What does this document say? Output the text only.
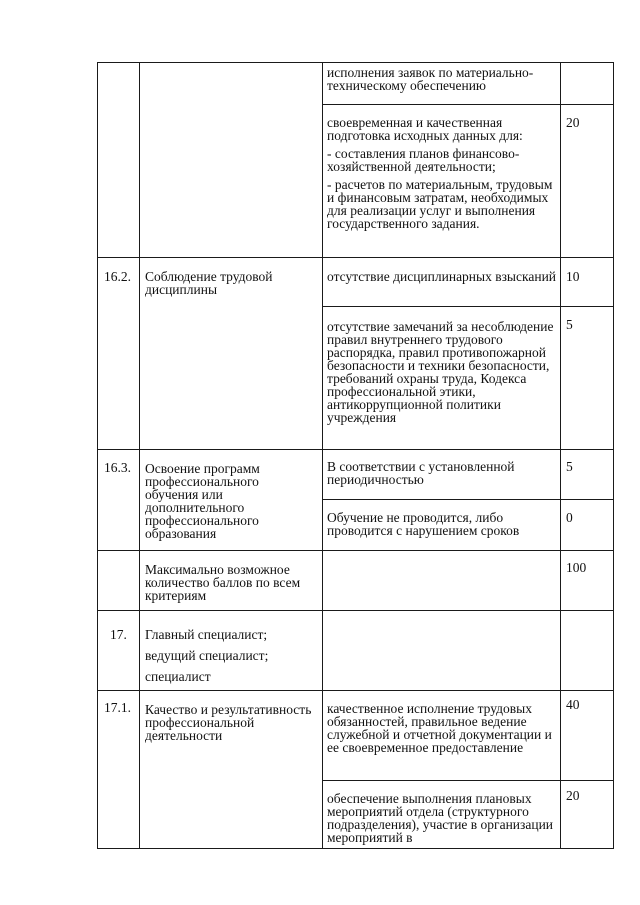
исполнения заявок по материально-техническому обеспечению

своевременная и качественная подготовка исходных данных для:

- составления планов финансово-хозяйственной деятельности;

- расчетов по материальным, трудовым и финансовым затратам, необходимых для реализации услуг и выполнения государственного задания.

20
16.2. Соблюдение трудовой дисциплины

отсутствие дисциплинарных взысканий 10

отсутствие замечаний за несоблюдение правил внутреннего трудового распорядка, правил противопожарной безопасности и техники безопасности, требований охраны труда, Кодекса профессиональной этики, антикоррупционной политики учреждения

5
16.3. Освоение программ профессионального обучения или дополнительного профессионального образования

В соответствии с установленной периодичностью

5

Обучение не проводится, либо проводится с нарушением сроков

0
Максимально возможное количество баллов по всем критериям
100
17. Главный специалист;

ведущий специалист;

специалист

17.1. Качество и результативность профессиональной деятельности

качественное исполнение трудовых обязанностей, правильное ведение служебной и отчетной документации и ее своевременное предоставление

40

обеспечение выполнения плановых мероприятий отдела (структурного подразделения), участие в организации мероприятий в

20
